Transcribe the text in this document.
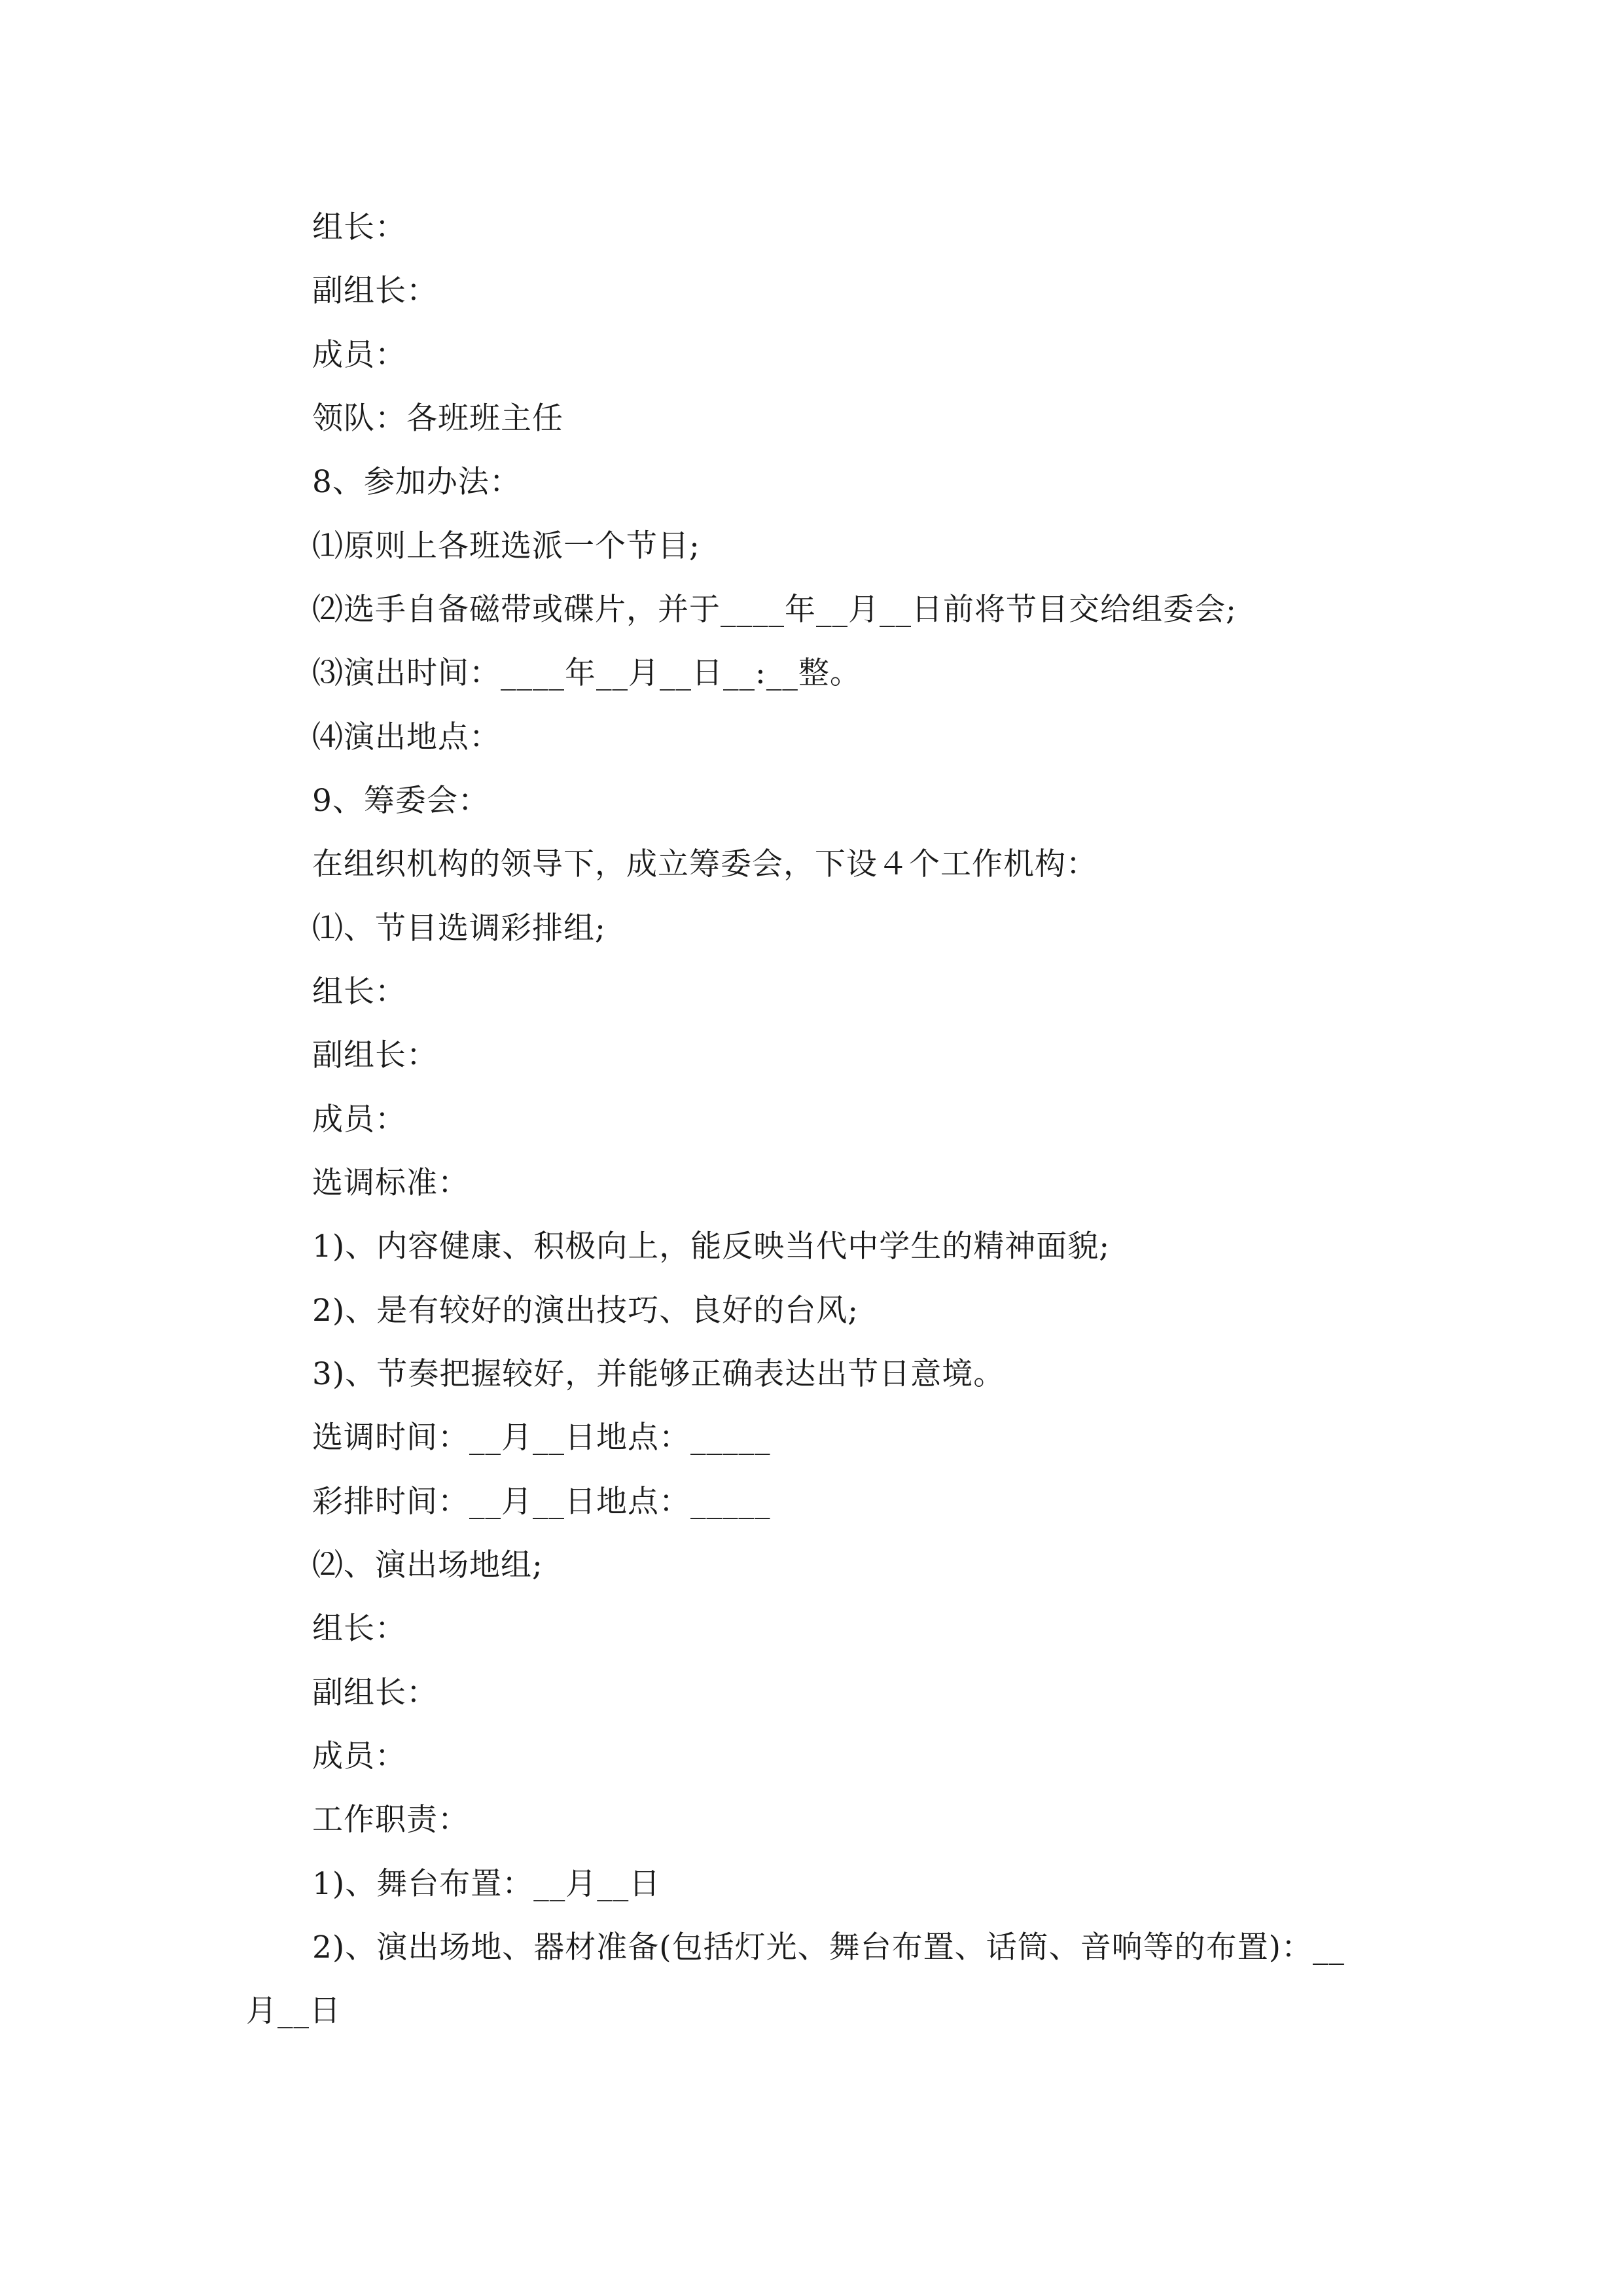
组长：
副组长：
成员：
领队：各班班主任
8、参加办法：
⑴原则上各班选派一个节目;
⑵选手自备磁带或碟片，并于____年__月__日前将节目交给组委会;
⑶演出时间：____年__月__日__:__整。
⑷演出地点：
9、筹委会：
在组织机构的领导下，成立筹委会，下设４个工作机构：
⑴、节目选调彩排组;
组长：
副组长：
成员：
选调标准：
1)、内容健康、积极向上，能反映当代中学生的精神面貌;
2)、是有较好的演出技巧、良好的台风;
3)、节奏把握较好，并能够正确表达出节日意境。
选调时间：__月__日地点：_____
彩排时间：__月__日地点：_____
⑵、演出场地组;
组长：
副组长：
成员：
工作职责：
1)、舞台布置：__月__日
2)、演出场地、器材准备(包括灯光、舞台布置、话筒、音响等的布置)：__
月__日
